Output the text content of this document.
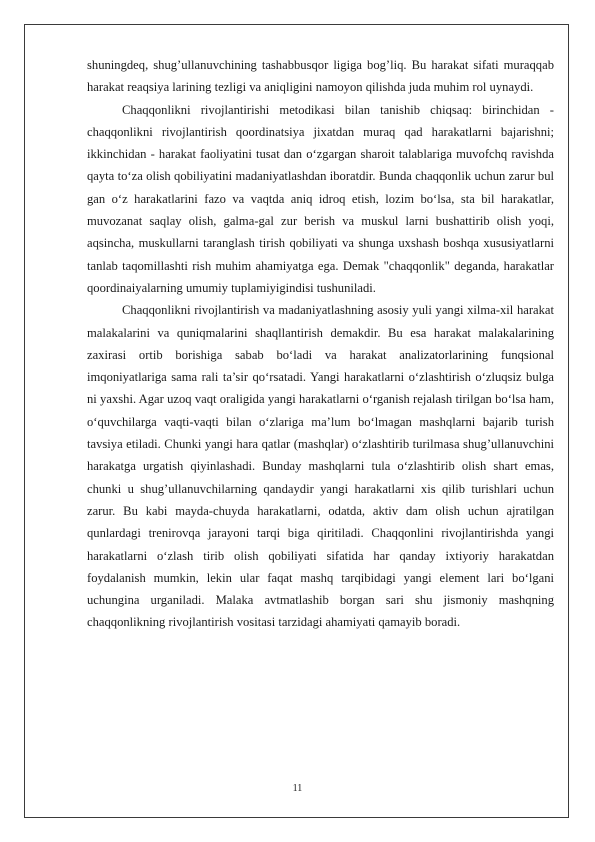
shuningdeq, shug’ullanuvchining tashabbusqor ligiga bog’liq. Bu harakat sifati muraqqab harakat reaqsiya larining tezligi va aniqligini namoyon qilishda juda muhim rol uynaydi.

Chaqqonlikni rivojlantirishi metodikasi bilan tanishib chiqsaq: birinchidan - chaqqonlikni rivojlantirish qoordinatsiya jixatdan muraq qad harakatlarni bajarishni; ikkinchidan - harakat faoliyatini tusat dan o‘zgargan sharoit talablariga muvofchq ravishda qayta to‘za olish qobiliyatini madaniyatlashdan iboratdir. Bunda chaqqonlik uchun zarur bul gan o‘z harakatlarini fazo va vaqtda aniq idroq etish, lozim bo‘lsa, sta bil harakatlar, muvozanat saqlay olish, galma-gal zur berish va muskul larni bushattirib olish yoqi, aqsincha, muskullarni taranglash tirish qobiliyati va shunga uxshash boshqa xususiyatlarni tanlab taqomillashti rish muhim ahamiyatga ega. Demak "chaqqonlik" deganda, harakatlar qoordinaiyalarning umumiy tuplamiyigindisi tushuniladi.

Chaqqonlikni rivojlantirish va madaniyatlashning asosiy yuli yangi xilma-xil harakat malakalarini va quniqmalarini shaqllantirish demakdir. Bu esa harakat malakalarining zaxirasi ortib borishiga sabab bo‘ladi va harakat analizatorlarining funqsional imqoniyatlariga sama rali ta’sir qo‘rsatadi. Yangi harakatlarni o‘zlashtirish o‘zluqsiz bulga ni yaxshi. Agar uzoq vaqt oraligida yangi harakatlarni o‘rganish rejalash tirilgan bo‘lsa ham, o‘quvchilarga vaqti-vaqti bilan o‘zlariga ma’lum bo‘lmagan mashqlarni bajarib turish tavsiya etiladi. Chunki yangi hara qatlar (mashqlar) o‘zlashtirib turilmasa shug’ullanuvchini harakatga urgatish qiyinlashadi. Bunday mashqlarni tula o‘zlashtirib olish shart emas, chunki u shug’ullanuvchilarning qandaydir yangi harakatlarni xis qilib turishlari uchun zarur. Bu kabi mayda-chuyda harakatlarni, odatda, aktiv dam olish uchun ajratilgan qunlardagi trenirovqa jarayoni tarqi biga qiritiladi. Chaqqonlini rivojlantirishda yangi harakatlarni o‘zlash tirib olish qobiliyati sifatida har qanday ixtiyoriy harakatdan foydalanish mumkin, lekin ular faqat mashq tarqibidagi yangi element lari bo‘lgani uchungina urganiladi. Malaka avtmatlashib borgan sari shu jismoniy mashqning chaqqonlikning rivojlantirish vositasi tarzidagi ahamiyati qamayib boradi.

11
